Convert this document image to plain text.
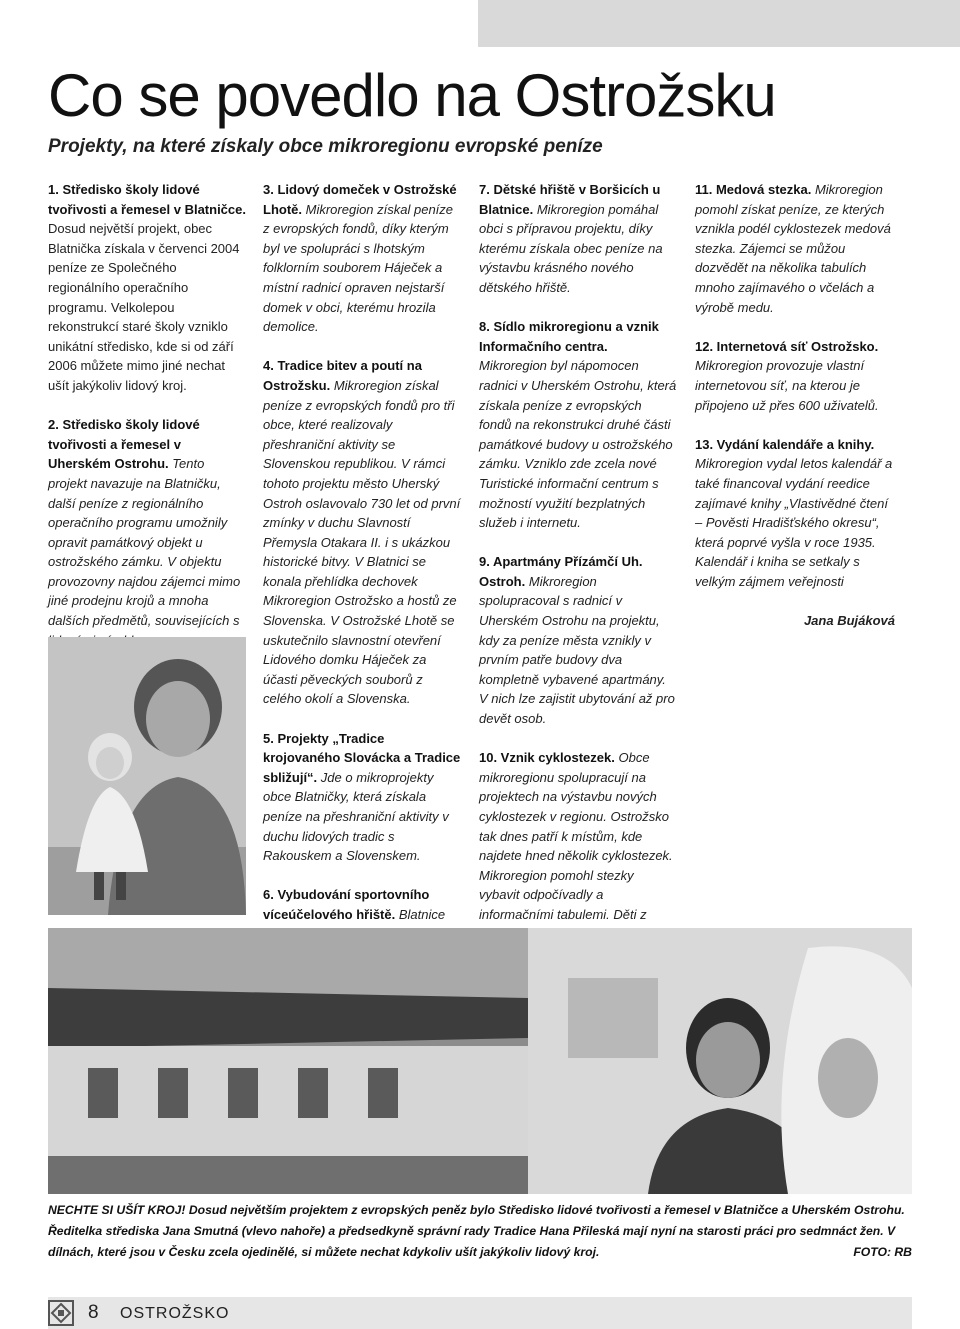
Co se povedlo na Ostrožsku
Projekty, na které získaly obce mikroregionu evropské peníze

1. Středisko školy lidové tvořivosti a řemesel v Blatničce. Dosud největší projekt, obec Blatnička získala v červenci 2004 peníze ze Společného regionálního operačního programu. Velkolepou rekonstrukcí staré školy vzniklo unikátní středisko, kde si od září 2006 můžete mimo jiné nechat ušít jakýkoliv lidový kroj.

2. Středisko školy lidové tvořivosti a řemesel v Uherském Ostrohu. Tento projekt navazuje na Blatničku, další peníze z regionálního operačního programu umožnily opravit památkový objekt u ostrožského zámku. V objektu provozovny najdou zájemci mimo jiné prodejnu krojů a mnoha dalších předmětů, souvisejících s

3. Lidový domeček v Ostrožské Lhotě. Mikroregion získal peníze z evropských fondů, díky kterým byl ve spolupráci s lhotským folklorním souborem Háječek a místní radnicí opraven nejstarší domek v obci, kterému hrozila demolice.

4. Tradice bitev a poutí na Ostrožsku. Mikroregion získal peníze z evropských fondů pro tři obce, které realizovaly přeshraniční aktivity se Slovenskou republikou. V rámci tohoto projektu město Uherský Ostroh oslavovalo 730 let od první zmínky v duchu Slavností Přemysla Otakara II. i s ukázkou historické bitvy. V Blatnici se konala přehlídka dechovek Mikroregion Ostrožsko a hostů ze Slovenska. V Ostrožské Lhotě se uskutečnilo slavnostní otevření Lidového domku Háječek za účasti pěveckých souborů z celého okolí a Slovenska.

5. Projekty „Tradice krojovaného Slovácka a Tradice sbližují“. Jde o mikroprojekty obce Blatničky, která získala peníze na přeshraniční aktivity v duchu lidových tradic s Rakouskem a Slovenskem.

6. Vybudování sportovního víceúčelového hřiště. Blatnice

7. Dětské hřiště v Boršicích u Blatnice. Mikroregion pomáhal obci s přípravou projektu, díky kterému získala obec peníze na výstavbu krásného nového dětského hřiště.

8. Sídlo mikroregionu a vznik Informačního centra. Mikroregion byl nápomocen radnici v Uherském Ostrohu, která získala peníze z evropských fondů na rekonstrukci druhé části památkové budovy u ostrožského zámku. Vzniklo zde zcela nové Turistické informační centrum s možností využití bezplatných služeb i internetu.

9. Apartmány Přízámčí Uh. Ostroh. Mikroregion spolupracoval s radnicí v Uherském Ostrohu na projektu, kdy za peníze města vznikly v prvním patře budovy dva kompletně vybavené apartmány. V nich lze zajistit ubytování až pro devět osob.

10. Vznik cyklostezek. Obce mikroregionu spolupracují na projektech na výstavbu nových cyklostezek v regionu. Ostrožsko tak dnes patří k místům, kde najdete hned několik cyklostezek. Mikroregion pomohl stezky vybavit odpočívadly a informačními tabulemi. Děti z

11. Medová stezka. Mikroregion pomohl získat peníze, ze kterých vznikla podél cyklostezek medová stezka. Zájemci se můžou dozvědět na několika tabulích mnoho zajímavého o včelách a výrobě medu.

12. Internetová síť Ostrožsko. Mikroregion provozuje vlastní internetovou síť, na kterou je připojeno už přes 600 uživatelů.

13. Vydání kalendáře a knihy. Mikroregion vydal letos kalendář a také financoval vydání reedice zajímavé knihy „Vlastivědné čtení – Pověsti Hradišťského okresu“, která poprvé vyšla v roce 1935. Kalendář i kniha se setkaly s velkým zájmem veřejnosti

Jana Bujáková

NECHTE SI UŠÍT KROJ! Dosud největším projektem z evropských peněz bylo Středisko lidové tvořivosti a řemesel v Blatničce a Uherském Ostrohu. Ředitelka střediska Jana Smutná (vlevo nahoře) a předsedkyně správní rady Tradice Hana Přileská mají nyní na starosti práci pro sedmnáct žen. V dílnách, které jsou v Česku zcela ojedinělé, si můžete nechat kdykoliv ušít jakýkoliv lidový kroj.	FOTO: RB
8 OSTROŽSKO
